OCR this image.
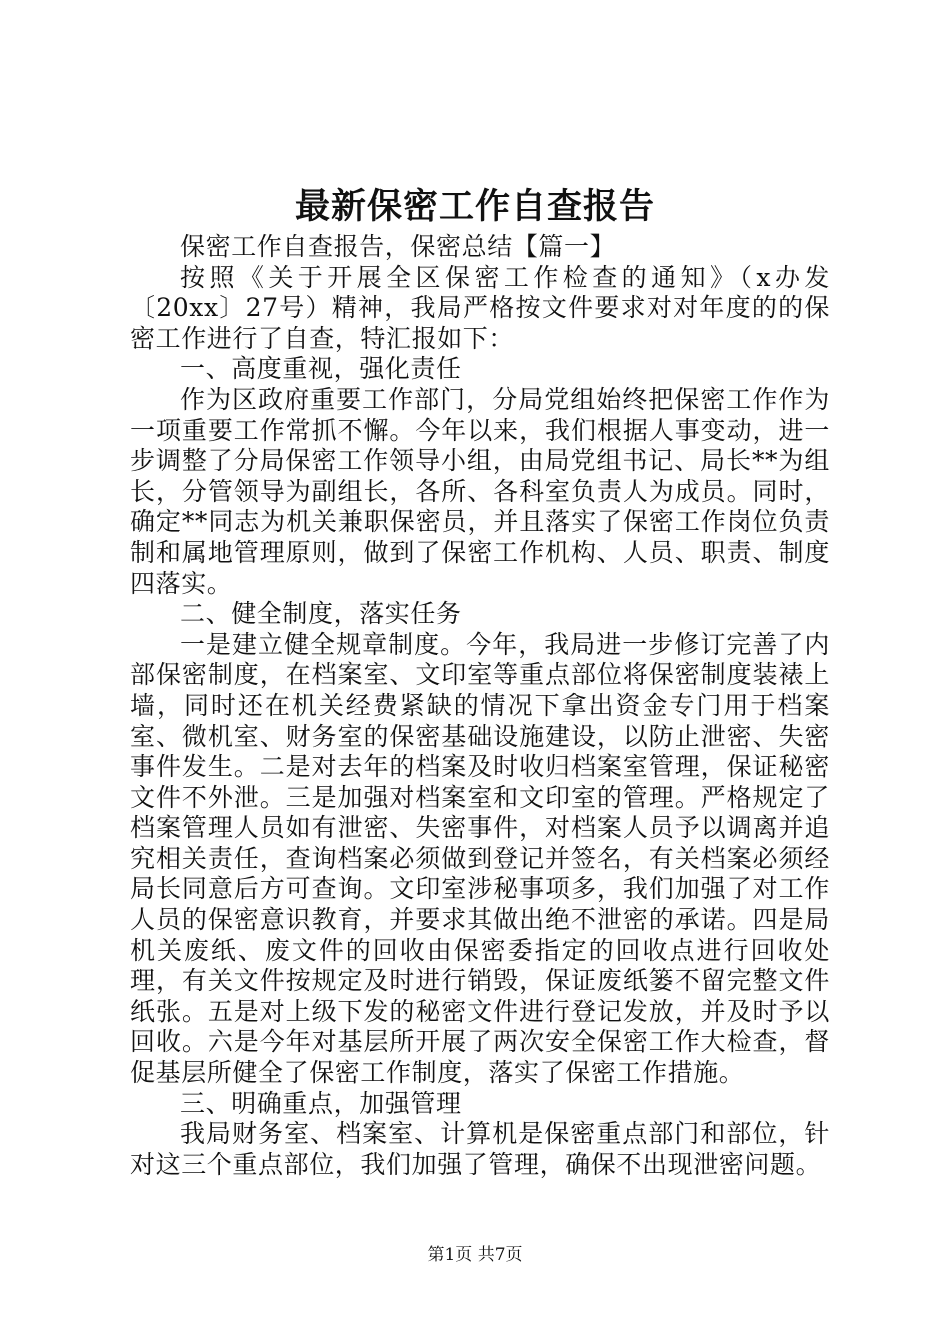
最新保密工作自查报告

保密工作自查报告，保密总结【篇一】

按照《关于开展全区保密工作检查的通知》（x办发〔20xx〕27号）精神，我局严格按文件要求对对年度的的保密工作进行了自查，特汇报如下：

一、高度重视，强化责任

作为区政府重要工作部门，分局党组始终把保密工作作为一项重要工作常抓不懈。今年以来，我们根据人事变动，进一步调整了分局保密工作领导小组，由局党组书记、局长**为组长，分管领导为副组长，各所、各科室负责人为成员。同时，确定**同志为机关兼职保密员，并且落实了保密工作岗位负责制和属地管理原则，做到了保密工作机构、人员、职责、制度四落实。

二、健全制度，落实任务

一是建立健全规章制度。今年，我局进一步修订完善了内部保密制度，在档案室、文印室等重点部位将保密制度装裱上墙，同时还在机关经费紧缺的情况下拿出资金专门用于档案室、微机室、财务室的保密基础设施建设，以防止泄密、失密事件发生。二是对去年的档案及时收归档案室管理，保证秘密文件不外泄。三是加强对档案室和文印室的管理。严格规定了档案管理人员如有泄密、失密事件，对档案人员予以调离并追究相关责任，查询档案必须做到登记并签名，有关档案必须经局长同意后方可查询。文印室涉秘事项多，我们加强了对工作人员的保密意识教育，并要求其做出绝不泄密的承诺。四是局机关废纸、废文件的回收由保密委指定的回收点进行回收处理，有关文件按规定及时进行销毁，保证废纸篓不留完整文件纸张。五是对上级下发的秘密文件进行登记发放，并及时予以回收。六是今年对基层所开展了两次安全保密工作大检查，督促基层所健全了保密工作制度，落实了保密工作措施。

三、明确重点，加强管理

我局财务室、档案室、计算机是保密重点部门和部位，针对这三个重点部位，我们加强了管理，确保不出现泄密问题。

第1页 共7页
